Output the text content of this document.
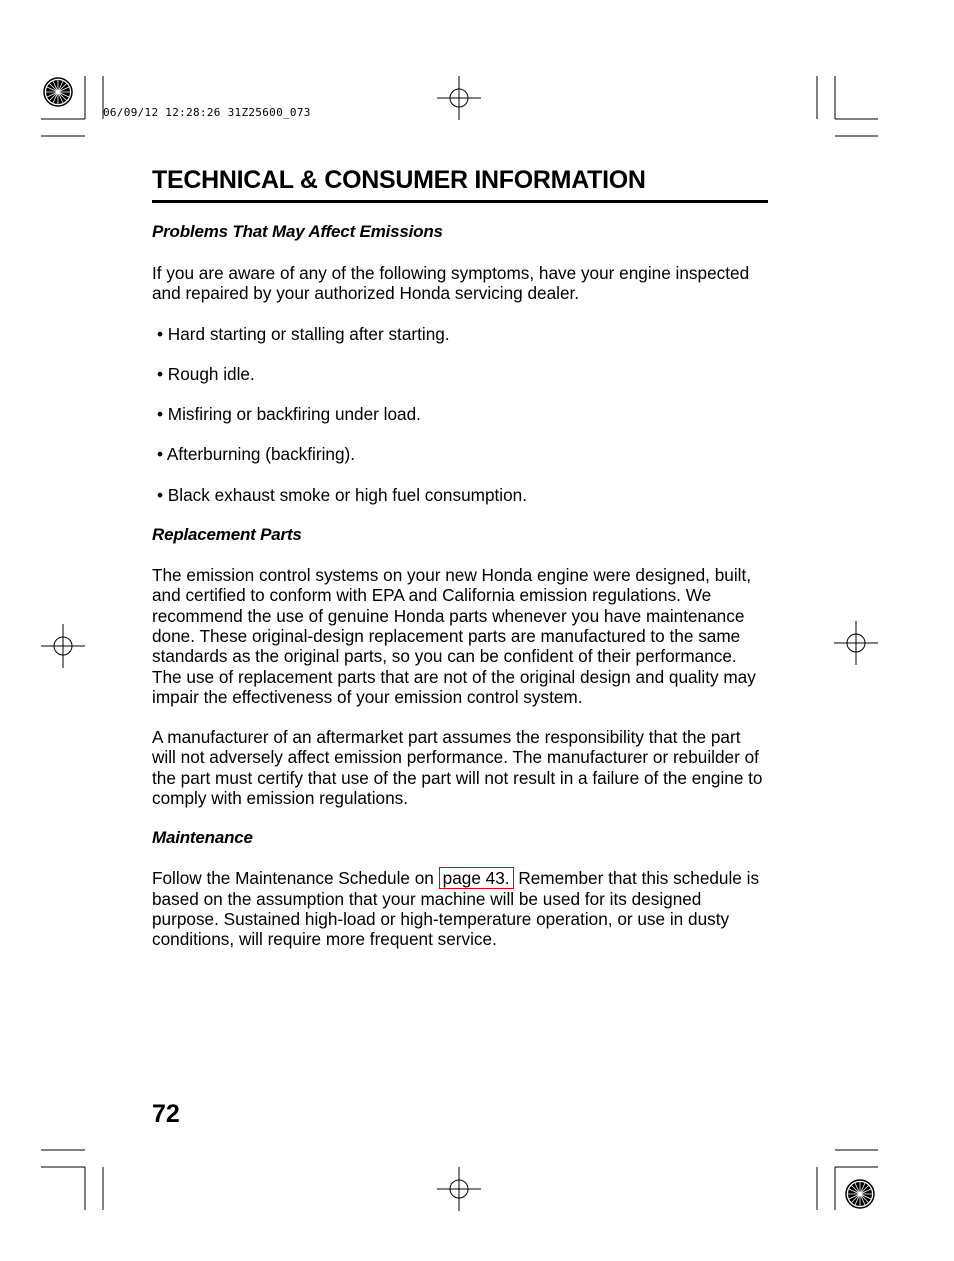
06/09/12 12:28:26 31Z25600_073
TECHNICAL & CONSUMER INFORMATION

Problems That May Affect Emissions

If you are aware of any of the following symptoms, have your engine inspected and repaired by your authorized Honda servicing dealer.

• Hard starting or stalling after starting.

• Rough idle.

• Misfiring or backfiring under load.

• Afterburning (backfiring).

• Black exhaust smoke or high fuel consumption.

Replacement Parts

The emission control systems on your new Honda engine were designed, built, and certified to conform with EPA and California emission regulations. We recommend the use of genuine Honda parts whenever you have maintenance done. These original-design replacement parts are manufactured to the same standards as the original parts, so you can be confident of their performance. The use of replacement parts that are not of the original design and quality may impair the effectiveness of your emission control system.

A manufacturer of an aftermarket part assumes the responsibility that the part will not adversely affect emission performance. The manufacturer or rebuilder of the part must certify that use of the part will not result in a failure of the engine to comply with emission regulations.

Maintenance

Follow the Maintenance Schedule on page 43. Remember that this schedule is based on the assumption that your machine will be used for its designed purpose. Sustained high-load or high-temperature operation, or use in dusty conditions, will require more frequent service.

72
